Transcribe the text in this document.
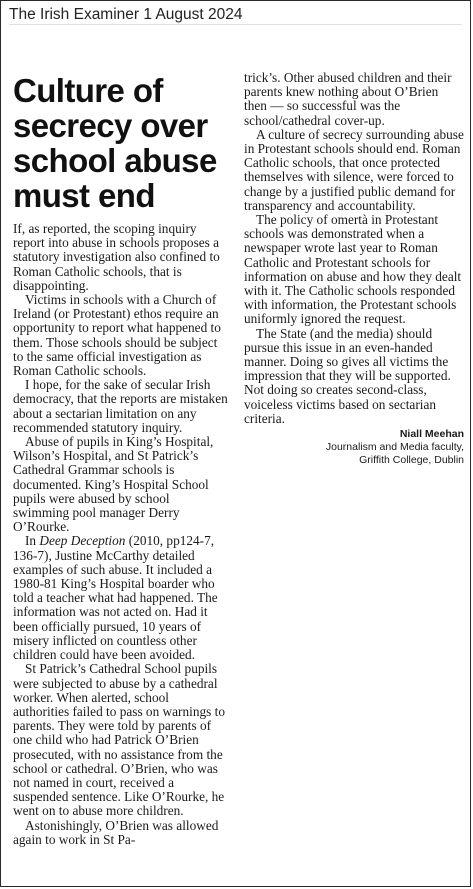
The Irish Examiner 1 August 2024
Culture of secrecy over school abuse must end

If, as reported, the scoping inquiry report into abuse in schools proposes a statutory investigation also confined to Roman Catholic schools, that is disappointing.

Victims in schools with a Church of Ireland (or Protestant) ethos require an opportunity to report what happened to them. Those schools should be subject to the same official investigation as Roman Catholic schools.

I hope, for the sake of secular Irish democracy, that the reports are mistaken about a sectarian limitation on any recommended statutory inquiry.

Abuse of pupils in King’s Hospital, Wilson’s Hospital, and St Patrick’s Cathedral Grammar schools is documented. King’s Hospital School pupils were abused by school swimming pool manager Derry O’Rourke.

In Deep Deception (2010, pp124-7, 136-7), Justine McCarthy detailed examples of such abuse. It included a 1980-81 King’s Hospital boarder who told a teacher what had happened. The information was not acted on. Had it been officially pursued, 10 years of misery inflicted on countless other children could have been avoided.

St Patrick’s Cathedral School pupils were subjected to abuse by a cathedral worker. When alerted, school authorities failed to pass on warnings to parents. They were told by parents of one child who had Patrick O’Brien prosecuted, with no assistance from the school or cathedral. O’Brien, who was not named in court, received a suspended sentence. Like O’Rourke, he went on to abuse more children.

Astonishingly, O’Brien was allowed again to work in St Pa-

trick’s. Other abused children and their parents knew nothing about O’Brien then — so successful was the school/cathedral cover-up.

A culture of secrecy surrounding abuse in Protestant schools should end. Roman Catholic schools, that once protected themselves with silence, were forced to change by a justified public demand for transparency and accountability.

The policy of omertà in Protestant schools was demonstrated when a newspaper wrote last year to Roman Catholic and Protestant schools for information on abuse and how they dealt with it. The Catholic schools responded with information, the Protestant schools uniformly ignored the request.

The State (and the media) should pursue this issue in an even-handed manner. Doing so gives all victims the impression that they will be supported. Not doing so creates second-class, voiceless victims based on sectarian criteria.

Niall Meehan
Journalism and Media faculty,
Griffith College, Dublin
